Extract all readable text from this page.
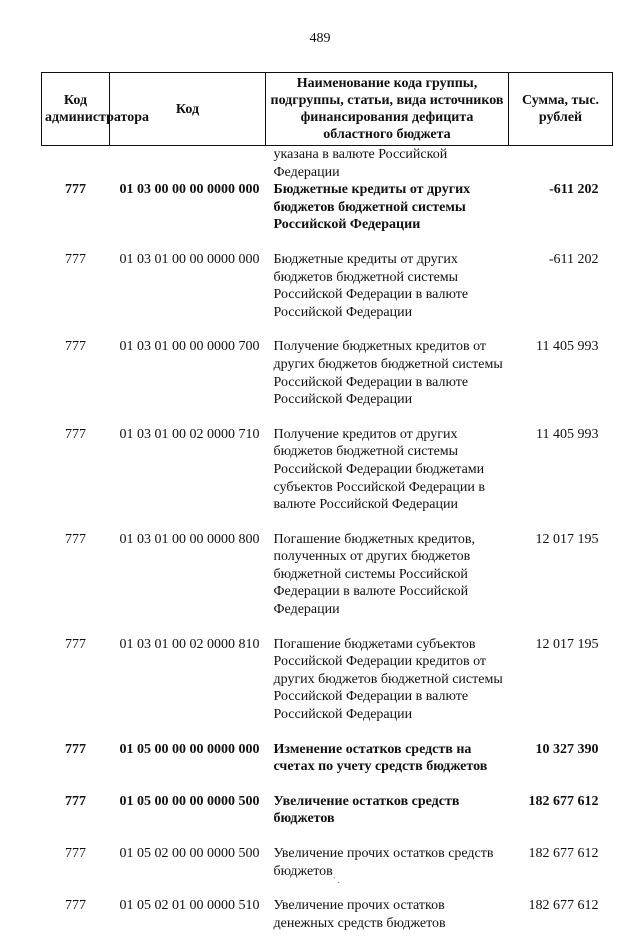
489
Код администратора	Код	Наименование кода группы, подгруппы, статьи, вида источников финансирования дефицита областного бюджета	Сумма, тыс. рублей
		указана в валюте Российской Федерации	
777	01 03 00 00 00 0000 000	Бюджетные кредиты от других бюджетов бюджетной системы Российской Федерации	-611 202
777	01 03 01 00 00 0000 000	Бюджетные кредиты от других бюджетов бюджетной системы Российской Федерации в валюте Российской Федерации	-611 202
777	01 03 01 00 00 0000 700	Получение бюджетных кредитов от других бюджетов бюджетной системы Российской Федерации в валюте Российской Федерации	11 405 993
777	01 03 01 00 02 0000 710	Получение кредитов от других бюджетов бюджетной системы Российской Федерации бюджетами субъектов Российской Федерации в валюте Российской Федерации	11 405 993
777	01 03 01 00 00 0000 800	Погашение бюджетных кредитов, полученных от других бюджетов бюджетной системы Российской Федерации в валюте Российской Федерации	12 017 195
777	01 03 01 00 02 0000 810	Погашение бюджетами субъектов Российской Федерации кредитов от других бюджетов бюджетной системы Российской Федерации в валюте Российской Федерации	12 017 195
777	01 05 00 00 00 0000 000	Изменение остатков средств на счетах по учету средств бюджетов	10 327 390
777	01 05 00 00 00 0000 500	Увеличение остатков средств бюджетов	182 677 612
777	01 05 02 00 00 0000 500	Увеличение прочих остатков средств бюджетов	182 677 612
777	01 05 02 01 00 0000 510	Увеличение прочих остатков денежных средств бюджетов	182 677 612
` .
